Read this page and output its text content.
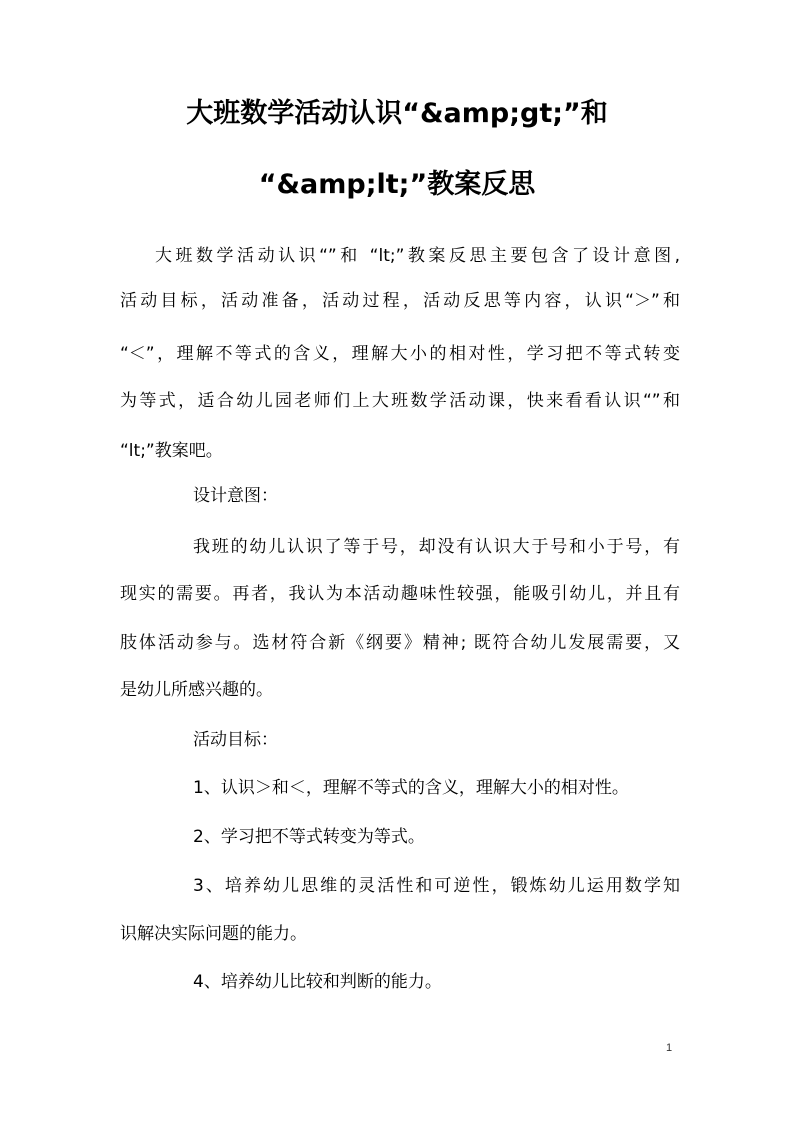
大班数学活动认识“&amp;gt;”和
“&amp;lt;”教案反思
大班数学活动认识“”和 “lt;”教案反思主要包含了设计意图,
活动目标，活动准备，活动过程，活动反思等内容，认识“＞”和
“＜”，理解不等式的含义，理解大小的相对性，学习把不等式转变
为等式，适合幼儿园老师们上大班数学活动课，快来看看认识“”和
“lt;”教案吧。
设计意图：
我班的幼儿认识了等于号，却没有认识大于号和小于号，有
现实的需要。再者，我认为本活动趣味性较强，能吸引幼儿，并且有
肢体活动参与。选材符合新《纲要》精神; 既符合幼儿发展需要，又
是幼儿所感兴趣的。
活动目标：
1、认识＞和＜，理解不等式的含义，理解大小的相对性。
2、学习把不等式转变为等式。
3、培养幼儿思维的灵活性和可逆性，锻炼幼儿运用数学知
识解决实际问题的能力。
4、培养幼儿比较和判断的能力。
1
